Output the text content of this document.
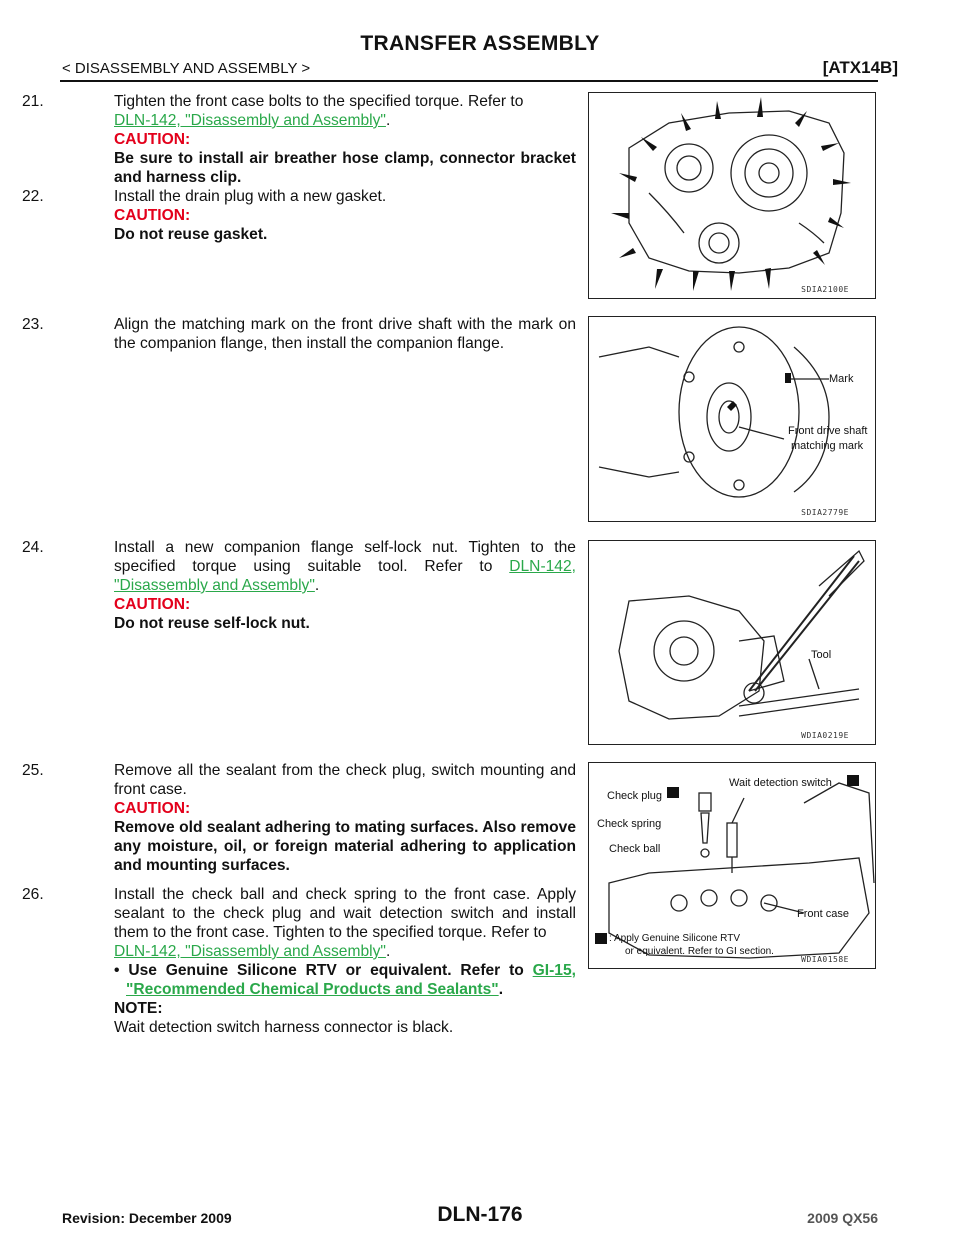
TRANSFER ASSEMBLY
< DISASSEMBLY AND ASSEMBLY >	[ATX14B]
21.	Tighten the front case bolts to the specified torque. Refer to
DLN-142, "Disassembly and Assembly".
CAUTION:
Be sure to install air breather hose clamp, connector bracket and harness clip.
22.	Install the drain plug with a new gasket.
CAUTION:
Do not reuse gasket.
23.	Align the matching mark on the front drive shaft with the mark on the companion flange, then install the companion flange.
24.	Install a new companion flange self-lock nut. Tighten to the specified torque using suitable tool. Refer to DLN-142, "Disassembly and Assembly".
CAUTION:
Do not reuse self-lock nut.
25.	Remove all the sealant from the check plug, switch mounting and front case.
CAUTION:
Remove old sealant adhering to mating surfaces. Also remove any moisture, oil, or foreign material adhering to application and mounting surfaces.
26.	Install the check ball and check spring to the front case. Apply sealant to the check plug and wait detection switch and install them to the front case. Tighten to the specified torque. Refer to
DLN-142, "Disassembly and Assembly".
• Use Genuine Silicone RTV or equivalent. Refer to GI-15, "Recommended Chemical Products and Sealants".
NOTE:
Wait detection switch harness connector is black.
SDIA2100E
Mark
Front drive shaft
matching mark
SDIA2779E
Tool
WDIA0219E
Wait detection switch
Check plug
Check spring
Check ball
Front case
: Apply Genuine Silicone RTV
or equivalent. Refer to GI section.
WDIA0158E
DLN-176
Revision: December 2009	2009 QX56
